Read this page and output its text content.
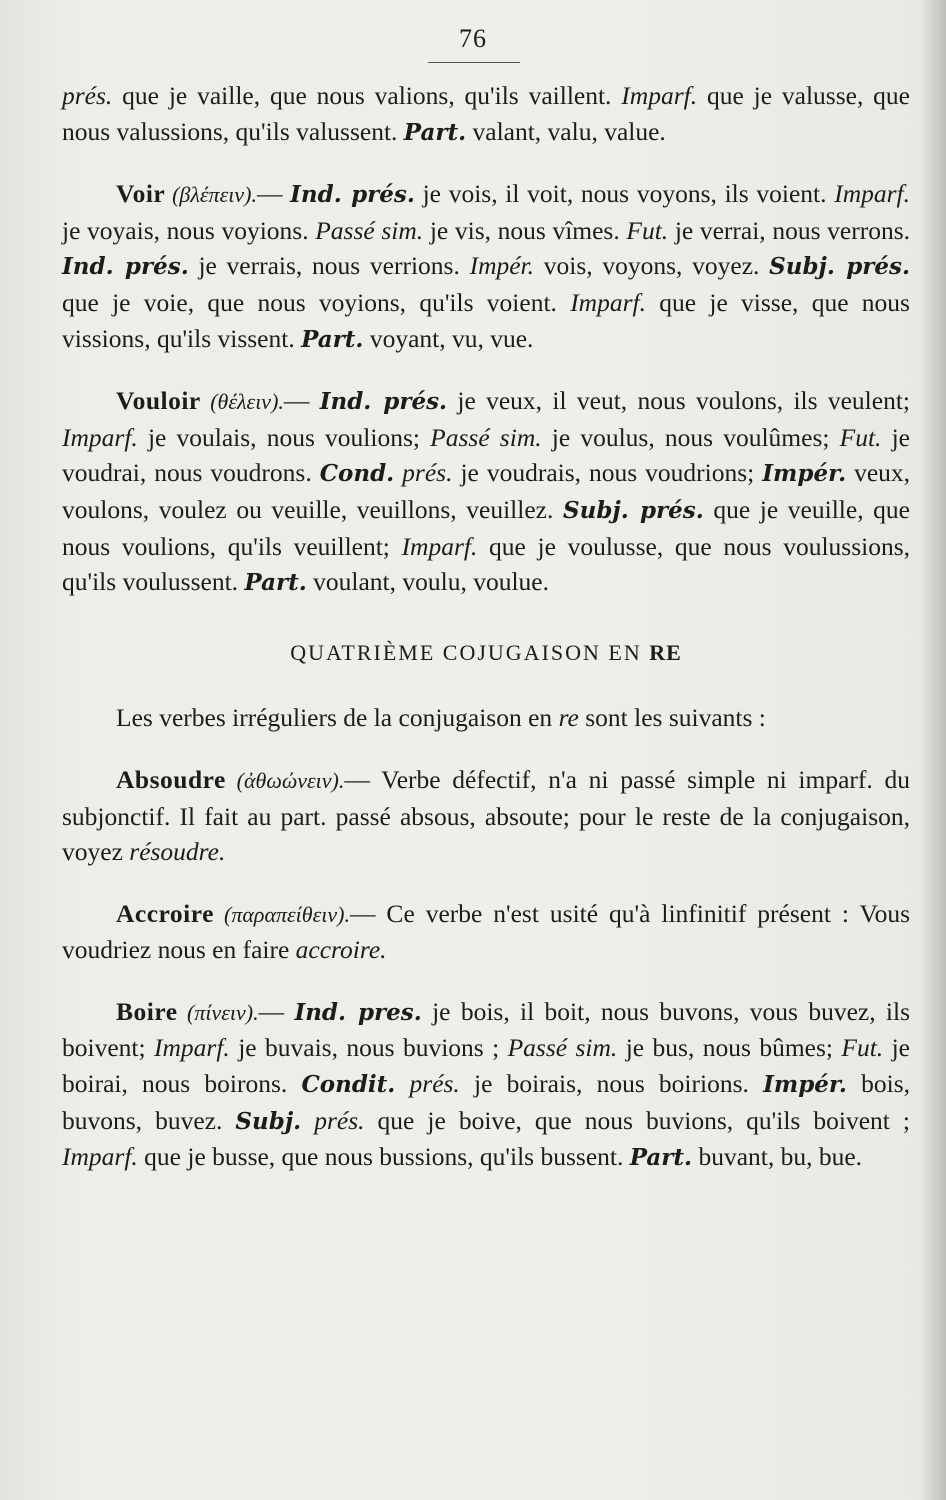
76

prés. que je vaille, que nous valions, qu'ils vaillent. Imparf. que je valusse, que nous valussions, qu'ils valussent. Part. valant, valu, value.

Voir (βλέπειν).— Ind. prés. je vois, il voit, nous voyons, ils voient. Imparf. je voyais, nous voyions. Passé sim. je vis, nous vîmes. Fut. je verrai, nous verrons. Ind. prés. je verrais, nous verrions. Impér. vois, voyons, voyez. Subj. prés. que je voie, que nous voyions, qu'ils voient. Imparf. que je visse, que nous vissions, qu'ils vissent. Part. voyant, vu, vue.

Vouloir (θέλειν).— Ind. prés. je veux, il veut, nous voulons, ils veulent; Imparf. je voulais, nous voulions; Passé sim. je voulus, nous voulûmes; Fut. je voudrai, nous voudrons. Cond. prés. je voudrais, nous voudrions; Impér. veux, voulons, voulez ou veuille, veuillons, veuillez. Subj. prés. que je veuille, que nous voulions, qu'ils veuillent; Imparf. que je voulusse, que nous voulussions, qu'ils voulussent. Part. voulant, voulu, voulue.

QUATRIÈME COJUGAISON EN RE

Les verbes irréguliers de la conjugaison en re sont les suivants :

Absoudre (ἀθωώνειν).— Verbe défectif, n'a ni passé simple ni imparf. du subjonctif. Il fait au part. passé absous, absoute; pour le reste de la conjugaison, voyez résoudre.

Accroire (παραπείθειν).— Ce verbe n'est usité qu'à linfinitif présent : Vous voudriez nous en faire accroire.

Boire (πίνειν).— Ind. pres. je bois, il boit, nous buvons, vous buvez, ils boivent; Imparf. je buvais, nous buvions ; Passé sim. je bus, nous bûmes; Fut. je boirai, nous boirons. Condit. prés. je boirais, nous boirions. Impér. bois, buvons, buvez. Subj. prés. que je boive, que nous buvions, qu'ils boivent ; Imparf. que je busse, que nous bussions, qu'ils bussent. Part. buvant, bu, bue.
